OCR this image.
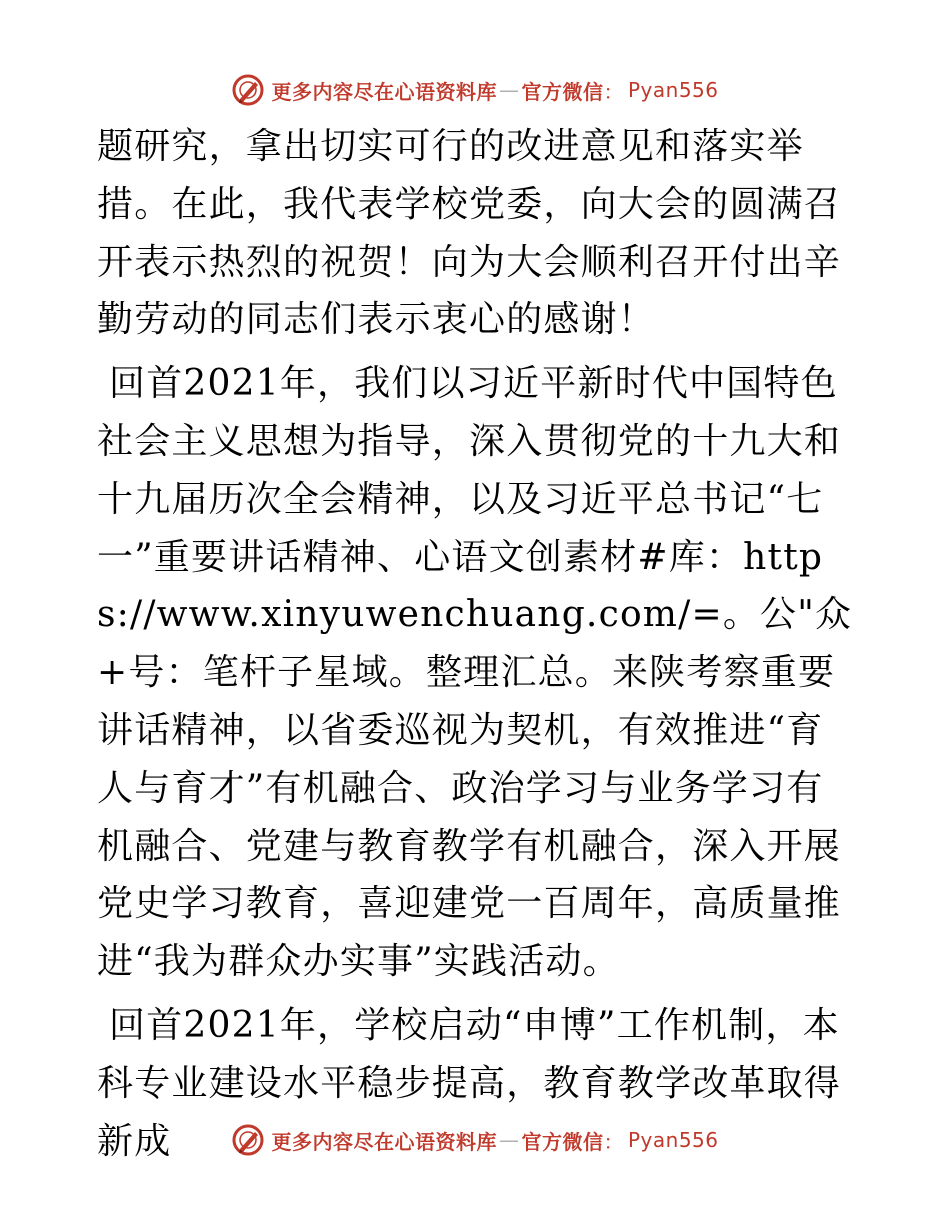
更多内容尽在心语资料库 — 官方微信 ： Pyan556

题研究，拿出切实可行的改进意见和落实举措。在此，我代表学校党委，向大会的圆满召开表示热烈的祝贺！向为大会顺利召开付出辛勤劳动的同志们表示衷心的感谢！

回首2021年，我们以习近平新时代中国特色社会主义思想为指导，深入贯彻党的十九大和十九届历次全会精神，以及习近平总书记“七一”重要讲话精神、心语文创素材#库：https://www.xinyuwenchuang.com/=。公"众+号：笔杆子星域。整理汇总。来陕考察重要讲话精神，以省委巡视为契机，有效推进“育人与育才”有机融合、政治学习与业务学习有机融合、党建与教育教学有机融合，深入开展党史学习教育，喜迎建党一百周年，高质量推进“我为群众办实事”实践活动。

回首2021年，学校启动“申博”工作机制，本科专业建设水平稳步提高，教育教学改革取得新成	更多内容尽在心语资料库 — 官方微信 ： Pyan556
